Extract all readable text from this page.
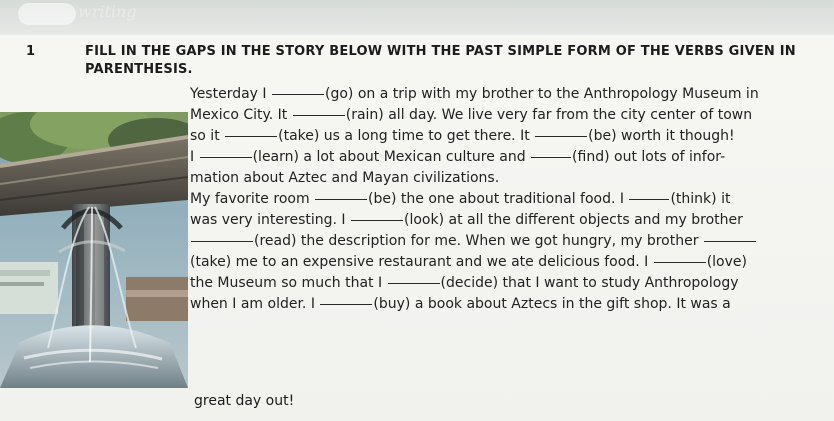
writing
1	FILL IN THE GAPS IN THE STORY BELOW WITH THE PAST SIMPLE FORM OF THE VERBS GIVEN IN PARENTHESIS.
Yesterday I	(go) on a trip with my brother to the Anthropology Museum in
Mexico City. It	(rain) all day. We live very far from the city center of town
so it	(take) us a long time to get there. It	(be) worth it though!
I	(learn) a lot about Mexican culture and	(find) out lots of infor-
mation about Aztec and Mayan civilizations.
My favorite room	(be) the one about traditional food. I	(think) it
was very interesting. I	(look) at all the different objects and my brother
(read) the description for me. When we got hungry, my brother
(take) me to an expensive restaurant and we ate delicious food. I	(love)
the Museum so much that I	(decide) that I want to study Anthropology
when I am older. I	(buy) a book about Aztecs in the gift shop. It was a
great day out!
